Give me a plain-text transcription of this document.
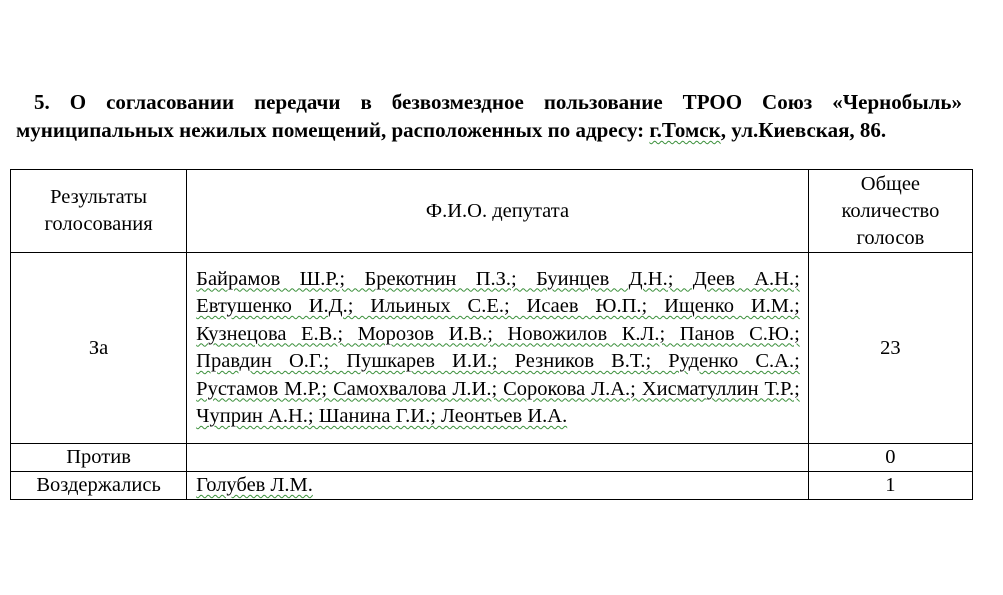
5. О согласовании передачи в безвозмездное пользование ТРОО Союз «Чернобыль» муниципальных нежилых помещений, расположенных по адресу: г.Томск, ул.Киевская, 86.
Результаты голосования	Ф.И.О. депутата	Общее количество голосов
За	Байрамов Ш.Р.; Брекотнин П.З.; Буинцев Д.Н.; Деев А.Н.; Евтушенко И.Д.; Ильиных С.Е.; Исаев Ю.П.; Ищенко И.М.; Кузнецова Е.В.; Морозов И.В.; Новожилов К.Л.; Панов С.Ю.; Правдин О.Г.; Пушкарев И.И.; Резников В.Т.; Руденко С.А.; Рустамов М.Р.; Самохвалова Л.И.; Сорокова Л.А.; Хисматуллин Т.Р.; Чуприн А.Н.; Шанина Г.И.; Леонтьев И.А.	23
Против		0
Воздержались	Голубев Л.М.	1
